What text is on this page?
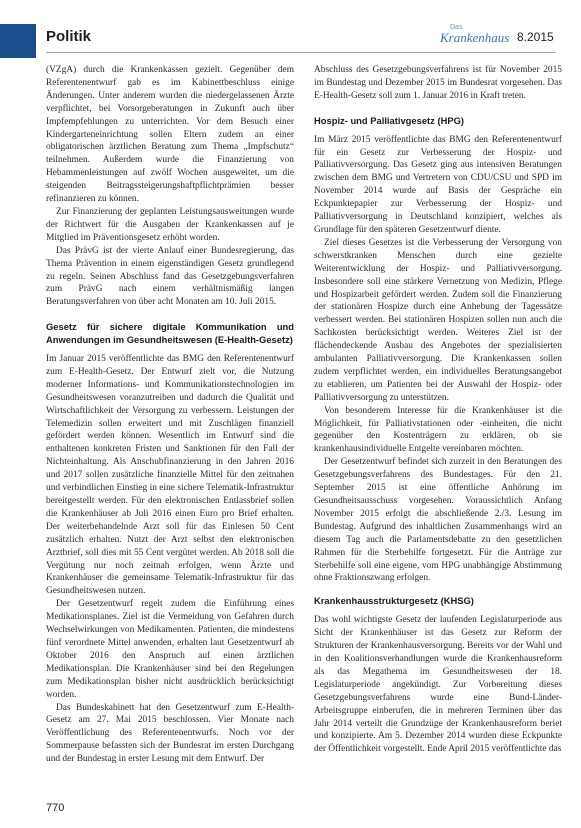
Politik
Das
Krankenhaus 8.2015

(VZgA) durch die Krankenkassen gezielt. Gegenüber dem Referentenentwurf gab es im Kabinettbeschluss einige Änderungen. Unter anderem wurden die niedergelassenen Ärzte verpflichtet, bei Vorsorgeberatungen in Zukunft auch über Impfempfehlungen zu unterrichten. Vor dem Besuch einer Kindergarteneinrichtung sollen Eltern zudem an einer obligatorischen ärztlichen Beratung zum Thema „Impfschutz“ teilnehmen. Außerdem wurde die Finanzierung von Hebammenleistungen auf zwölf Wochen ausgeweitet, um die steigenden Beitragssteigerungshaftpflichtprämien besser refinanzieren zu können.

Zur Finanzierung der geplanten Leistungsausweitungen wurde der Richtwert für die Ausgaben der Krankenkassen auf je Mitglied im Präventionsgesetz erhöht worden.

Das PrävG ist der vierte Anlauf einer Bundesregierung, das Thema Prävention in einem eigenständigen Gesetz grundlegend zu regeln. Seinen Abschluss fand das Gesetzgebungsverfahren zum PrävG nach einem verhältnismäßig langen Beratungsverfahren von über acht Monaten am 10. Juli 2015.

Gesetz für sichere digitale Kommunikation und Anwendungen im Gesundheitswesen (E-Health-Gesetz)

Im Januar 2015 veröffentlichte das BMG den Referentenentwurf zum E-Health-Gesetz. Der Entwurf zielt vor, die Nutzung moderner Informations- und Kommunikationstechnologien im Gesundheitswesen voranzutreiben und dadurch die Qualität und Wirtschaftlichkeit der Versorgung zu verbessern. Leistungen der Telemedizin sollen erweitert und mit Zuschlägen finanziell gefördert werden können. Wesentlich im Entwurf sind die enthaltenen konkreten Fristen und Sanktionen für den Fall der Nichteinhaltung. Als Anschubfinanzierung in den Jahren 2016 und 2017 sollen zusätzliche finanzielle Mittel für den zeitnahen und verbindlichen Einstieg in eine sichere Telematik-Infrastruktur bereitgestellt werden. Für den elektronischen Entlassbrief sollen die Krankenhäuser ab Juli 2016 einen Euro pro Brief erhalten. Der weiterbehandelnde Arzt soll für das Einlesen 50 Cent zusätzlich erhalten. Nutzt der Arzt selbst den elektronischen Arztbrief, soll dies mit 55 Cent vergütet werden. Ab 2018 soll die Vergütung nur noch zeitnah erfolgen, wenn Ärzte und Krankenhäuser die gemeinsame Telematik-Infrastruktur für das Gesundheitswesen nutzen.

Der Gesetzentwurf regelt zudem die Einführung eines Medikationsplanes. Ziel ist die Vermeidung von Gefahren durch Wechselwirkungen von Medikamenten. Patienten, die mindestens fünf verordnete Mittel anwenden, erhalten laut Gesetzentwurf ab Oktober 2016 den Anspruch auf einen ärztlichen Medikationsplan. Die Krankenhäuser sind bei den Regelungen zum Medikationsplan bisher nicht ausdrücklich berücksichtigt worden.

Das Bundeskabinett hat den Gesetzentwurf zum E-Health-Gesetz am 27. Mai 2015 beschlossen. Vier Monate nach Veröffentlichung des Referentenentwurfs. Noch vor der Sommerpause befassten sich der Bundesrat im ersten Durchgang und der Bundestag in erster Lesung mit dem Entwurf. Der

Abschluss des Gesetzgebungsverfahrens ist für November 2015 im Bundestag und Dezember 2015 im Bundesrat vorgesehen. Das E-Health-Gesetz soll zum 1. Januar 2016 in Kraft treten.

Hospiz- und Palliativgesetz (HPG)

Im März 2015 veröffentlichte das BMG den Referentenentwurf für ein Gesetz zur Verbesserung der Hospiz- und Palliativversorgung. Das Gesetz ging aus intensiven Beratungen zwischen dem BMG und Vertretern von CDU/CSU und SPD im November 2014 wurde auf Basis der Gespräche ein Eckpunktepapier zur Verbesserung der Hospiz- und Palliativversorgung in Deutschland konzipiert, welches als Grundlage für den späteren Gesetzentwurf diente.

Ziel dieses Gesetzes ist die Verbesserung der Versorgung von schwerstkranken Menschen durch eine gezielte Weiterentwicklung der Hospiz- und Palliativversorgung. Insbesondere soll eine stärkere Vernetzung von Medizin, Pflege und Hospizarbeit gefördert werden. Zudem soll die Finanzierung der stationären Hospize durch eine Anhebung der Tagessätze verbessert werden. Bei stationären Hospizen sollen nun auch die Sachkosten berücksichtigt werden. Weiteres Ziel ist der flächendeckende Ausbau des Angebotes der spezialisierten ambulanten Palliativversorgung. Die Krankenkassen sollen zudem verpflichtet werden, ein individuelles Beratungsangebot zu etablieren, um Patienten bei der Auswahl der Hospiz- oder Palliativversorgung zu unterstützen.

Von besonderem Interesse für die Krankenhäuser ist die Möglichkeit, für Palliativstationen oder -einheiten, die nicht gegenüber den Kostenträgern zu erklären, ob sie krankenhausindividuelle Entgelte vereinbaren möchten.

Der Gesetzentwurf befindet sich zurzeit in den Beratungen des Gesetzgebungsverfahrens des Bundestages. Für den 21. September 2015 ist eine öffentliche Anhörung im Gesundheitsausschuss vorgesehen. Voraussichtlich Anfang November 2015 erfolgt die abschließende 2./3. Lesung im Bundestag. Aufgrund des inhaltlichen Zusammenhangs wird an diesem Tag auch die Parlamentsdebatte zu den gesetzlichen Rahmen für die Sterbehilfe fortgesetzt. Für die Anträge zur Sterbehilfe soll eine eigene, vom HPG unabhängige Abstimmung ohne Fraktionszwang erfolgen.

Krankenhausstrukturgesetz (KHSG)

Das wohl wichtigste Gesetz der laufenden Legislaturperiode aus Sicht der Krankenhäuser ist das Gesetz zur Reform der Strukturen der Krankenhausversorgung. Bereits vor der Wahl und in den Koalitionsverhandlungen wurde die Krankenhausreform als das Megathema im Gesundheitswesen der 18. Legislaturperiode angekündigt. Zur Vorbereitung dieses Gesetzgebungsverfahrens wurde eine Bund-Länder-Arbeitsgruppe einberufen, die in mehreren Terminen über das Jahr 2014 verteilt die Grundzüge der Krankenhausreform beriet und konzipierte. Am 5. Dezember 2014 wurden diese Eckpunkte der Öffentlichkeit vorgestellt. Ende April 2015 veröffentlichte das

770
